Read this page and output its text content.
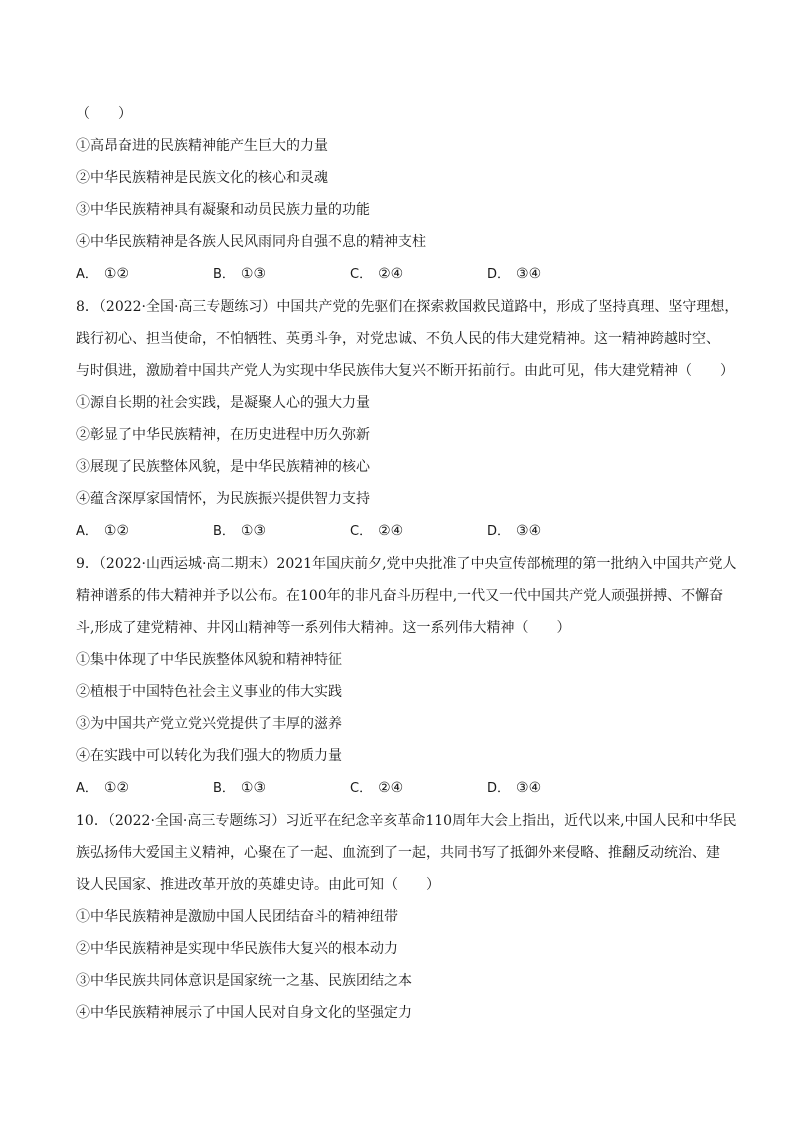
（　　）
①高昂奋进的民族精神能产生巨大的力量
②中华民族精神是民族文化的核心和灵魂
③中华民族精神具有凝聚和动员民族力量的功能
④中华民族精神是各族人民风雨同舟自强不息的精神支柱
A． ①②	B． ①③	C． ②④	D． ③④
8．（2022·全国·高三专题练习）中国共产党的先驱们在探索救国救民道路中，形成了坚持真理、坚守理想，
践行初心、担当使命，不怕牺牲、英勇斗争，对党忠诚、不负人民的伟大建党精神。这一精神跨越时空、
与时俱进，激励着中国共产党人为实现中华民族伟大复兴不断开拓前行。由此可见，伟大建党精神（　　）
①源自长期的社会实践，是凝聚人心的强大力量
②彰显了中华民族精神，在历史进程中历久弥新
③展现了民族整体风貌，是中华民族精神的核心
④蕴含深厚家国情怀，为民族振兴提供智力支持
A． ①②	B． ①③	C． ②④	D． ③④
9．（2022·山西运城·高二期末）2021年国庆前夕,党中央批准了中央宣传部梳理的第一批纳入中国共产党人
精神谱系的伟大精神并予以公布。在100年的非凡奋斗历程中,一代又一代中国共产党人顽强拼搏、不懈奋
斗,形成了建党精神、井冈山精神等一系列伟大精神。这一系列伟大精神（　　）
①集中体现了中华民族整体风貌和精神特征
②植根于中国特色社会主义事业的伟大实践
③为中国共产党立党兴党提供了丰厚的滋养
④在实践中可以转化为我们强大的物质力量
A． ①②	B． ①③	C． ②④	D． ③④
10．（2022·全国·高三专题练习）习近平在纪念辛亥革命110周年大会上指出，近代以来,中国人民和中华民
族弘扬伟大爱国主义精神，心聚在了一起、血流到了一起，共同书写了抵御外来侵略、推翻反动统治、建
设人民国家、推进改革开放的英雄史诗。由此可知（　　）
①中华民族精神是激励中国人民团结奋斗的精神纽带
②中华民族精神是实现中华民族伟大复兴的根本动力
③中华民族共同体意识是国家统一之基、民族团结之本
④中华民族精神展示了中国人民对自身文化的坚强定力
